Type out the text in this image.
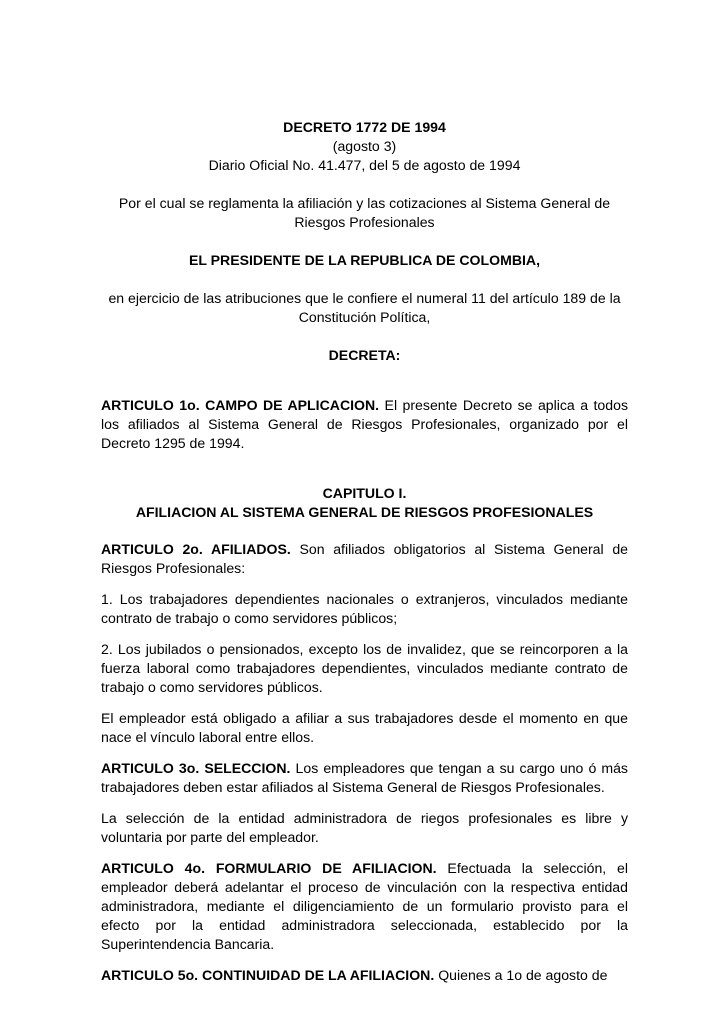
DECRETO 1772 DE 1994

(agosto 3)

Diario Oficial No. 41.477, del 5 de agosto de 1994

Por el cual se reglamenta la afiliación y las cotizaciones al Sistema General de Riesgos Profesionales

EL PRESIDENTE DE LA REPUBLICA DE COLOMBIA,

en ejercicio de las atribuciones que le confiere el numeral 11 del artículo 189 de la Constitución Política,

DECRETA:

ARTICULO 1o. CAMPO DE APLICACION. El presente Decreto se aplica a todos los afiliados al Sistema General de Riesgos Profesionales, organizado por el Decreto 1295 de 1994.

CAPITULO I.

AFILIACION AL SISTEMA GENERAL DE RIESGOS PROFESIONALES

ARTICULO 2o. AFILIADOS. Son afiliados obligatorios al Sistema General de Riesgos Profesionales:

1. Los trabajadores dependientes nacionales o extranjeros, vinculados mediante contrato de trabajo o como servidores públicos;

2. Los jubilados o pensionados, excepto los de invalidez, que se reincorporen a la fuerza laboral como trabajadores dependientes, vinculados mediante contrato de trabajo o como servidores públicos.

El empleador está obligado a afiliar a sus trabajadores desde el momento en que nace el vínculo laboral entre ellos.

ARTICULO 3o. SELECCION. Los empleadores que tengan a su cargo uno ó más trabajadores deben estar afiliados al Sistema General de Riesgos Profesionales.

La selección de la entidad administradora de riegos profesionales es libre y voluntaria por parte del empleador.

ARTICULO 4o. FORMULARIO DE AFILIACION. Efectuada la selección, el empleador deberá adelantar el proceso de vinculación con la respectiva entidad administradora, mediante el diligenciamiento de un formulario provisto para el efecto por la entidad administradora seleccionada, establecido por la Superintendencia Bancaria.

ARTICULO 5o. CONTINUIDAD DE LA AFILIACION. Quienes a 1o de agosto de
